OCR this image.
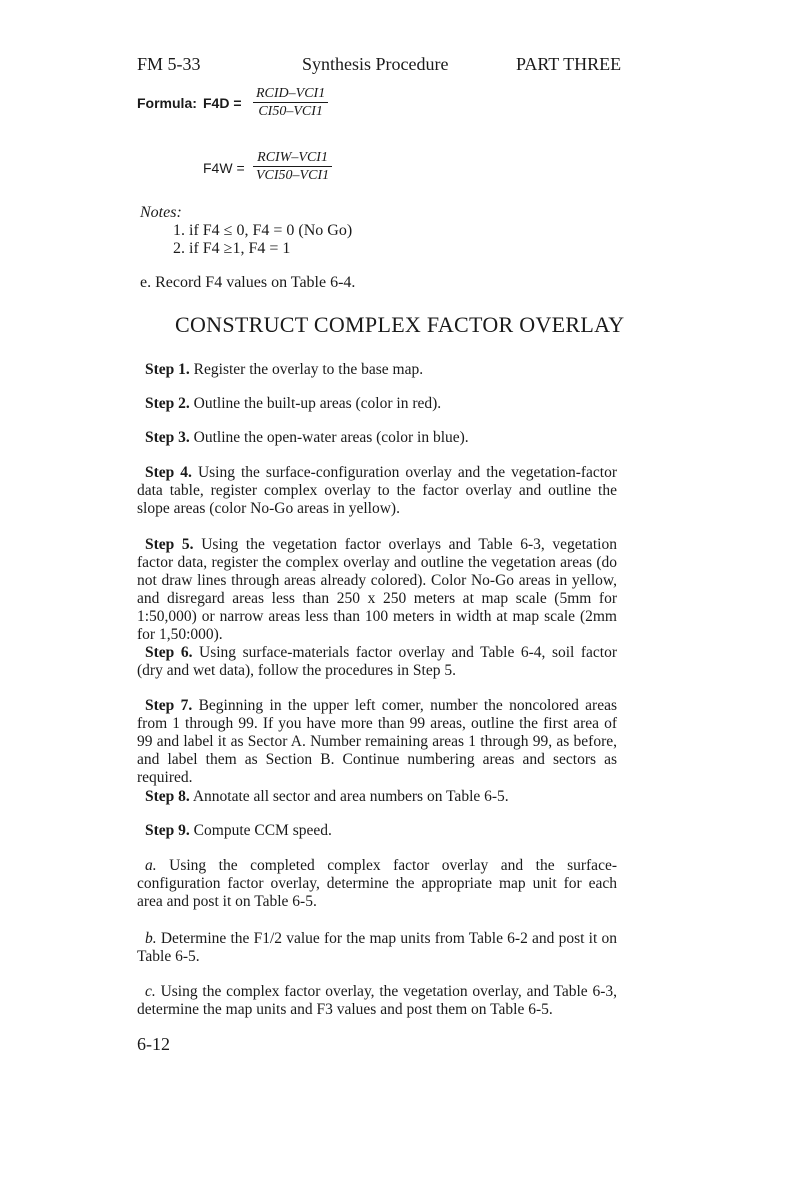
FM 5-33	Synthesis Procedure	PART THREE
Formula: F4D =
RCID–VCI1
CI50–VCI1
F4W =
RCIW–VCI1
VCI50–VCI1
Notes:
1. if F4 ≤ 0, F4 = 0 (No Go)
2. if F4 ≥1, F4 = 1
e. Record F4 values on Table 6-4.
CONSTRUCT COMPLEX FACTOR OVERLAY
Step 1. Register the overlay to the base map.
Step 2. Outline the built-up areas (color in red).
Step 3. Outline the open-water areas (color in blue).
Step 4. Using the surface-configuration overlay and the vegetation-factor data table, register complex overlay to the factor overlay and outline the slope areas (color No-Go areas in yellow).
Step 5. Using the vegetation factor overlays and Table 6-3, vegetation factor data, register the complex overlay and outline the vegetation areas (do not draw lines through areas already colored). Color No-Go areas in yellow, and disregard areas less than 250 x 250 meters at map scale (5mm for 1:50,000) or narrow areas less than 100 meters in width at map scale (2mm for 1,50:000).
Step 6. Using surface-materials factor overlay and Table 6-4, soil factor (dry and wet data), follow the procedures in Step 5.
Step 7. Beginning in the upper left comer, number the noncolored areas from 1 through 99. If you have more than 99 areas, outline the first area of 99 and label it as Sector A. Number remaining areas 1 through 99, as before, and label them as Section B. Continue numbering areas and sectors as required.
Step 8. Annotate all sector and area numbers on Table 6-5.
Step 9. Compute CCM speed.
a. Using the completed complex factor overlay and the surface-configuration factor overlay, determine the appropriate map unit for each area and post it on Table 6-5.
b. Determine the F1/2 value for the map units from Table 6-2 and post it on Table 6-5.
c. Using the complex factor overlay, the vegetation overlay, and Table 6-3, determine the map units and F3 values and post them on Table 6-5.
6-12
